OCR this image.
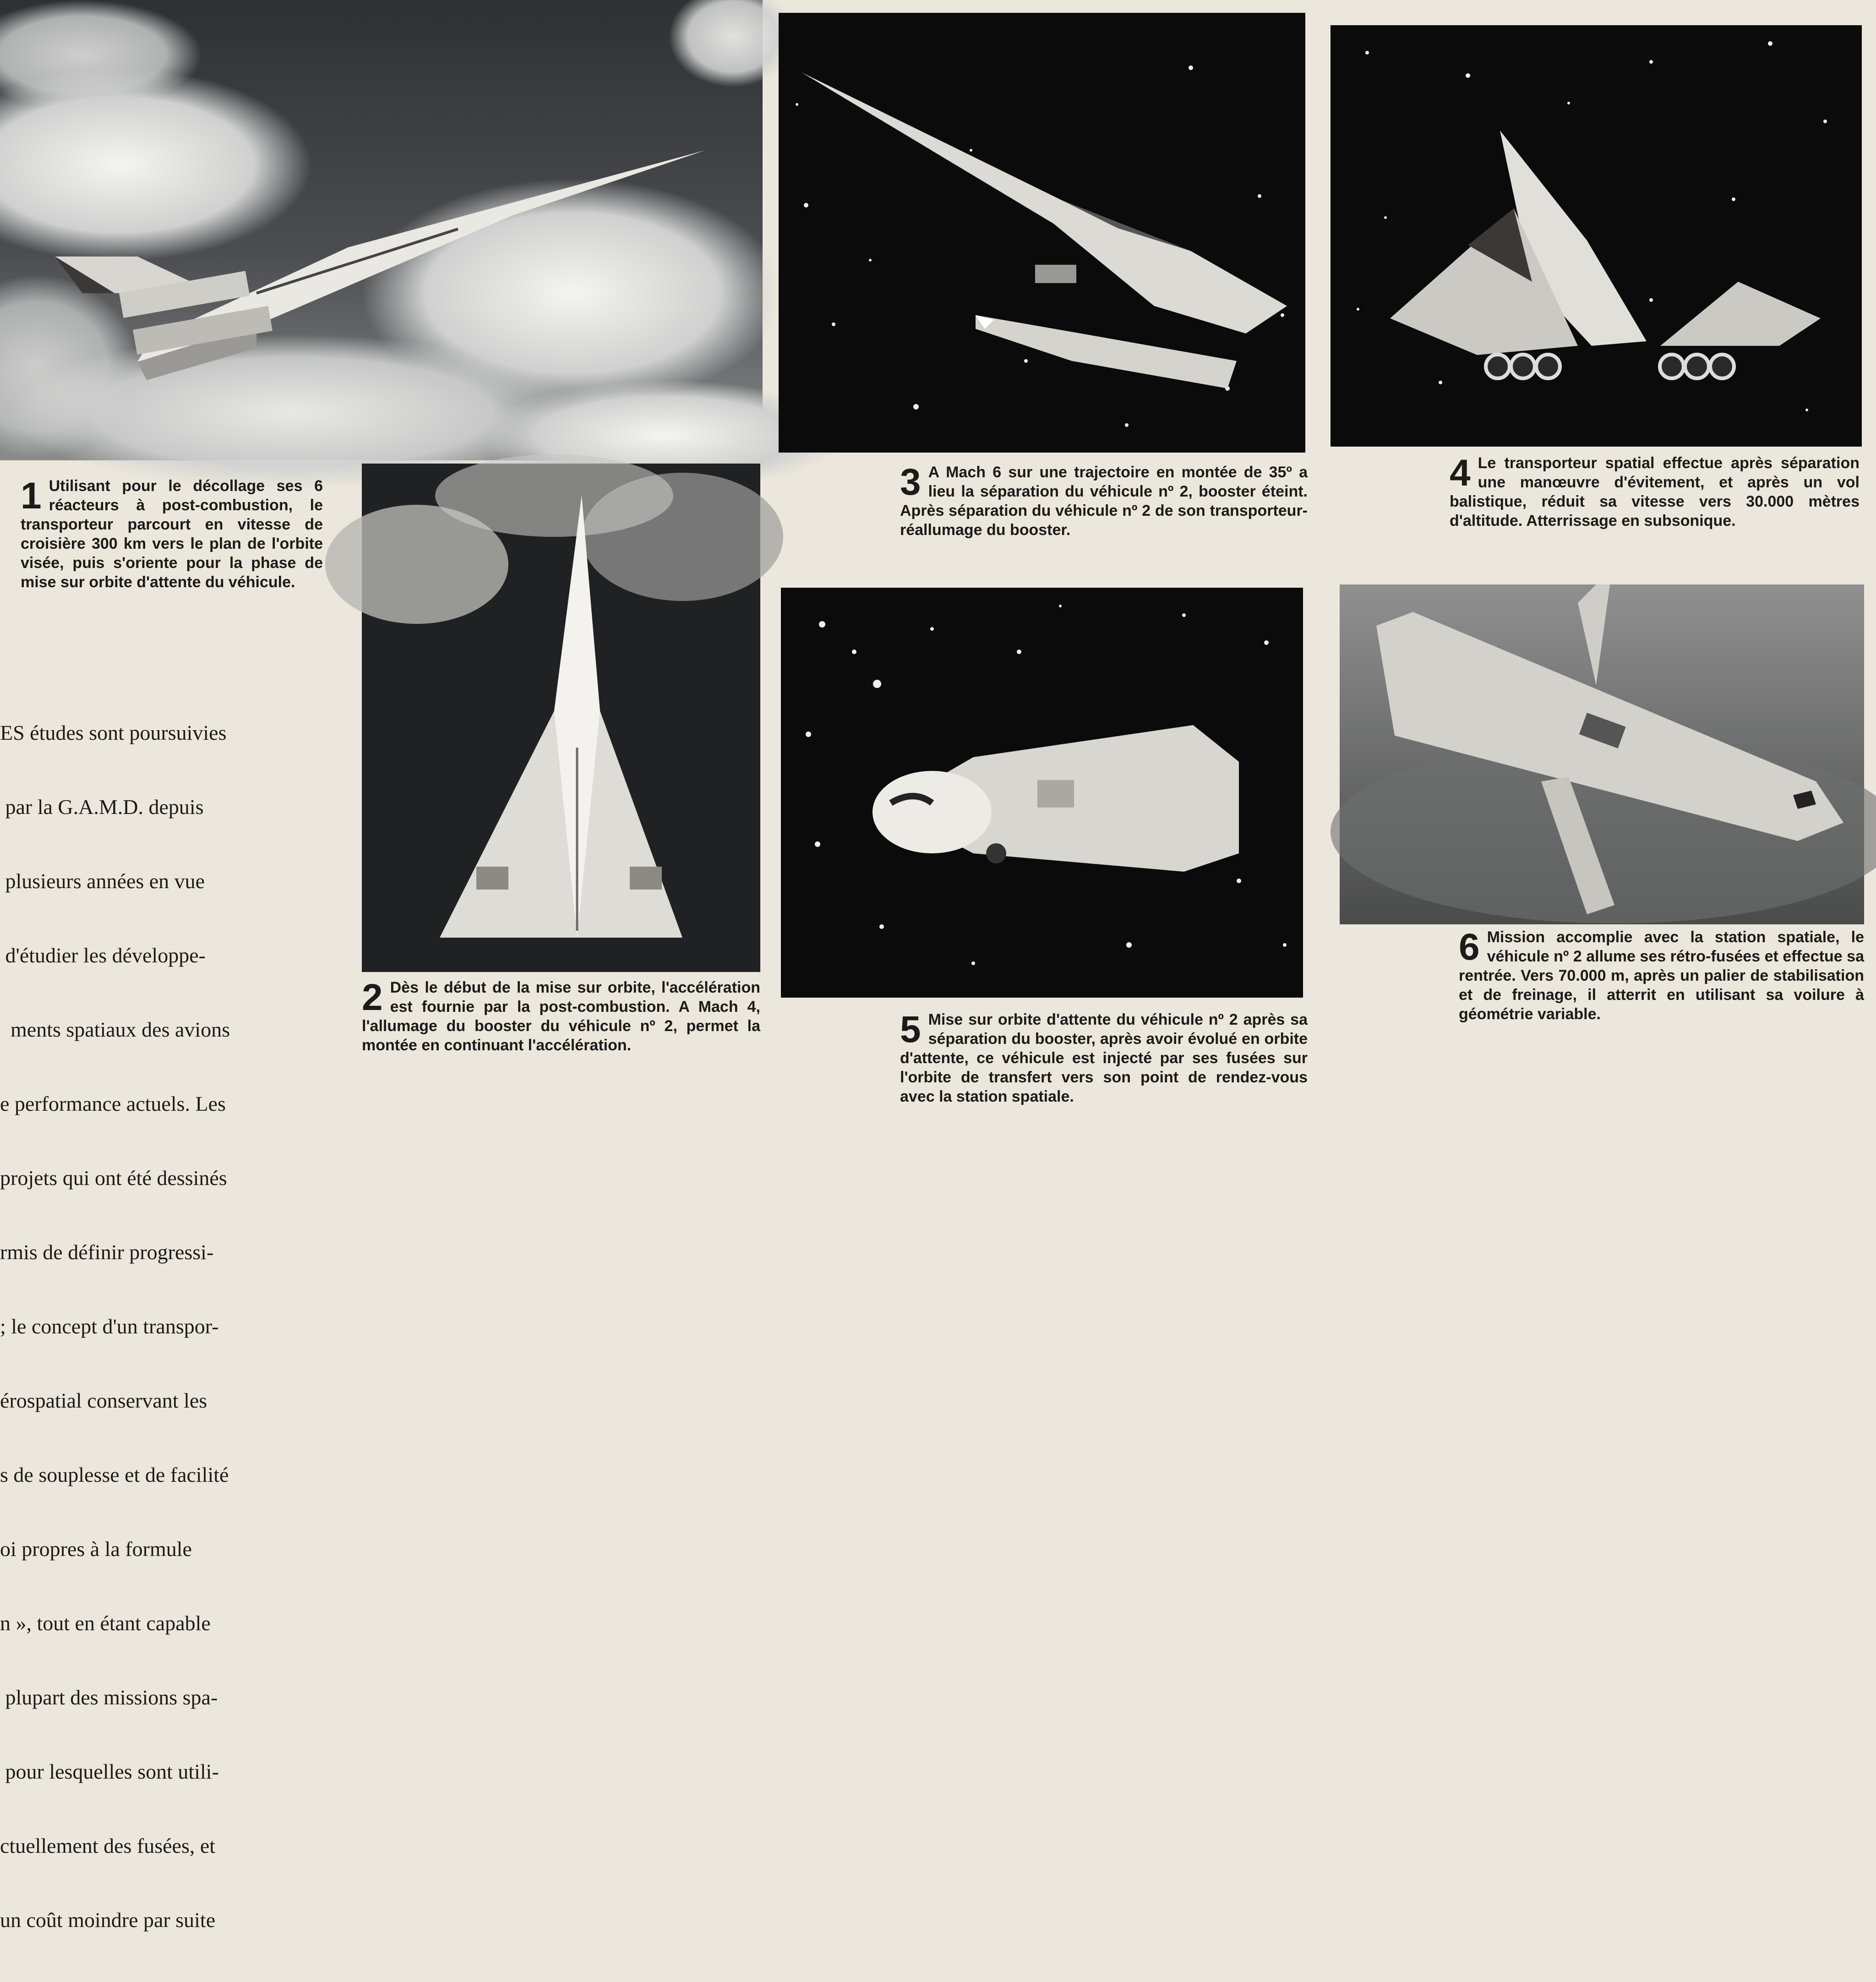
1 Utilisant pour le décollage ses 6 réacteurs à post-combustion, le transporteur parcourt en vitesse de croisière 300 km vers le plan de l'orbite visée, puis s'oriente pour la phase de mise sur orbite d'attente du véhicule.

ES études sont poursuivies

par la G.A.M.D. depuis

plusieurs années en vue

d'étudier les développe-

ments spatiaux des avions

e performance actuels. Les

projets qui ont été dessinés

rmis de définir progressi-

; le concept d'un transpor-

érospatial conservant les

s de souplesse et de facilité

oi propres à la formule

n », tout en étant capable

plupart des missions spa-

pour lesquelles sont utili-

ctuellement des fusées, et

un coût moindre par suite

2 Dès le début de la mise sur orbite, l'accélération est fournie par la post-combustion. A Mach 4, l'allumage du booster du véhicule nº 2, permet la montée en continuant l'accélération.
3 A Mach 6 sur une trajectoire en montée de 35º a lieu la séparation du véhicule nº 2, booster éteint. Après séparation du véhicule nº 2 de son transporteur-réallumage du booster.
4 Le transporteur spatial effectue après séparation une manœuvre d'évitement, et après un vol balistique, réduit sa vitesse vers 30.000 mètres d'altitude. Atterrissage en subsonique.
5 Mise sur orbite d'attente du véhicule nº 2 après sa séparation du booster, après avoir évolué en orbite d'attente, ce véhicule est injecté par ses fusées sur l'orbite de transfert vers son point de rendez-vous avec la station spatiale.
6 Mission accomplie avec la station spatiale, le véhicule nº 2 allume ses rétro-fusées et effectue sa rentrée. Vers 70.000 m, après un palier de stabilisation et de freinage, il atterrit en utilisant sa voilure à géométrie variable.
